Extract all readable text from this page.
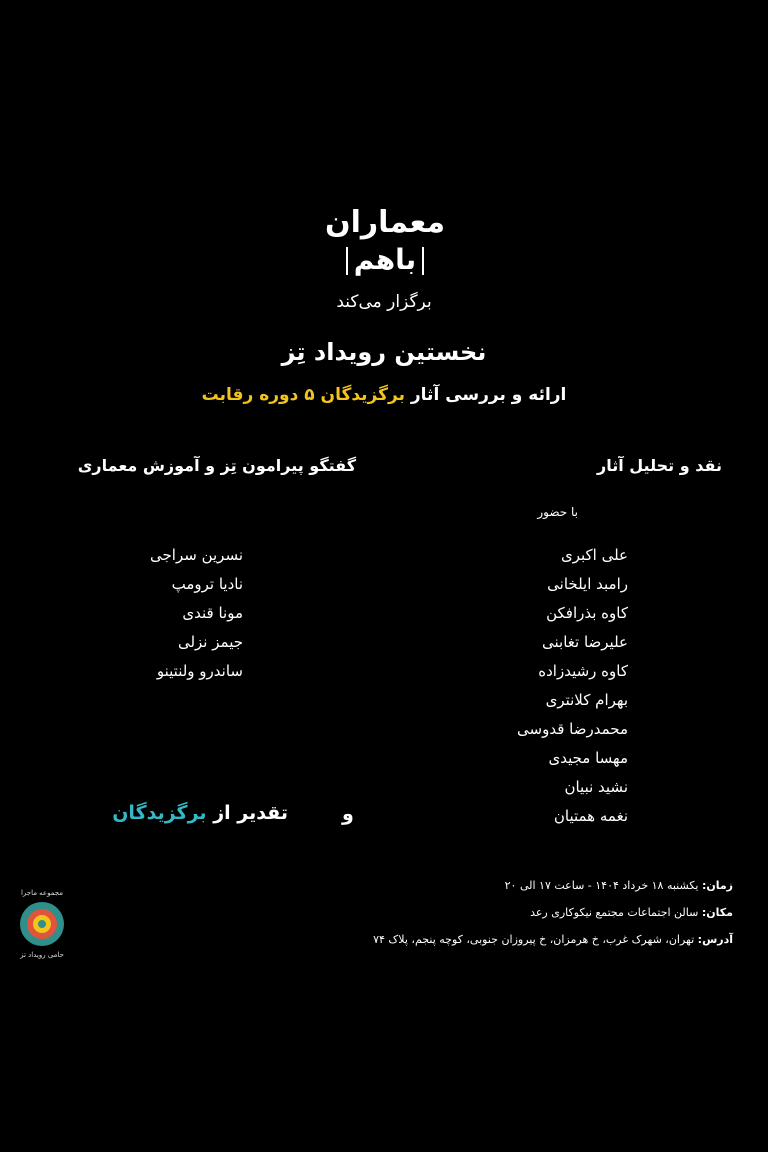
معماران
باهم
برگزار می‌کند
نخستین رویداد تِز
ارائه و بررسی آثار برگزیدگان ۵ دوره رقابت
نقد و تحلیل آثار
گفتگو پیرامون تِز و آموزش معماری
با حضور
علی اکبری
رامبد ایلخانی
کاوه بذرافکن
علیرضا تغابنی
کاوه رشیدزاده
بهرام کلانتری
محمدرضا قدوسی
مهسا مجیدی
نشید نبیان
نغمه همتیان
نسرین سراجی
نادیا ترومپ
مونا قندی
جیمز نزلی
ساندرو ولنتینو
تقدیر از برگزیدگان	و
زمان: یکشنبه ۱۸ خرداد ۱۴۰۴ - ساعت ۱۷ الی ۲۰
مکان: سالن اجتماعات مجتمع نیکوکاری رعد
آدرس: تهران، شهرک غرب، خ هرمزان، خ پیروزان جنوبی، کوچه پنجم، پلاک ۷۴
مجموعه ماجرا
حامی رویداد تز
